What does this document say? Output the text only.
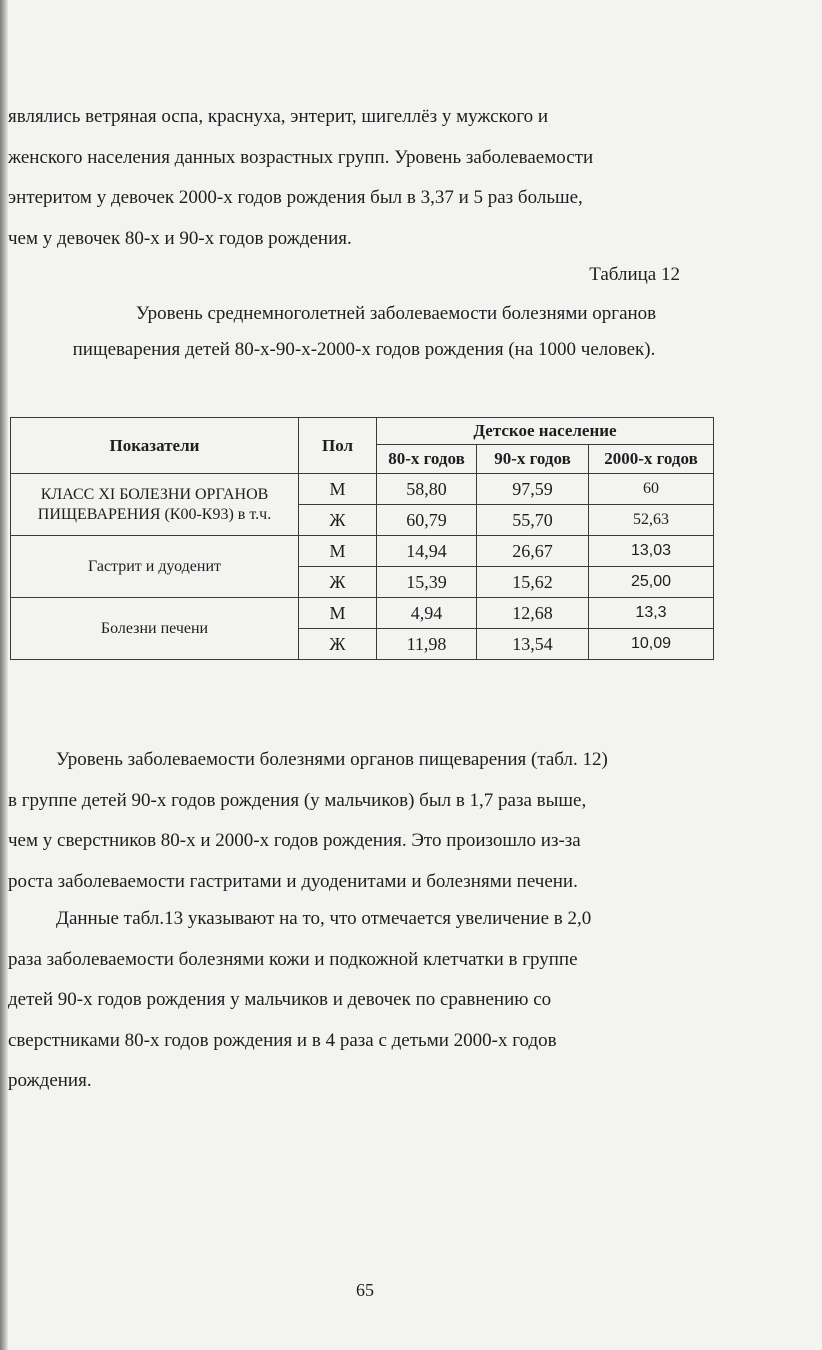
являлись ветряная оспа, краснуха, энтерит, шигеллёз у мужского и
женского населения данных возрастных групп. Уровень заболеваемости
энтеритом у девочек 2000-х годов рождения был в 3,37 и 5 раз больше,
чем у девочек 80-х и 90-х годов рождения.
Таблица 12
Уровень среднемноголетней заболеваемости болезнями органов
пищеварения детей 80-х-90-х-2000-х годов рождения (на 1000 человек).
Показатели	Пол	Детское население		
		80-х годов	90-х годов	2000-х годов

КЛАСС XI БОЛЕЗНИ ОРГАНОВ
ПИЩЕВАРЕНИЯ (К00-К93) в т.ч.	М	58,80	97,59	60
	Ж	60,79	55,70	52,63

Гастрит и дуоденит	М	14,94	26,67	13,03
	Ж	15,39	15,62	25,00

Болезни печени	М	4,94	12,68	13,3
	Ж	11,98	13,54	10,09
Уровень заболеваемости болезнями органов пищеварения (табл. 12)
в группе детей 90-х годов рождения (у мальчиков) был в 1,7 раза выше,
чем у сверстников 80-х и 2000-х годов рождения. Это произошло из-за
роста заболеваемости гастритами и дуоденитами и болезнями печени.
Данные табл.13 указывают на то, что отмечается увеличение в 2,0
раза заболеваемости болезнями кожи и подкожной клетчатки в группе
детей 90-х годов рождения у мальчиков и девочек по сравнению со
сверстниками 80-х годов рождения и в 4 раза с детьми 2000-х годов
рождения.
65
